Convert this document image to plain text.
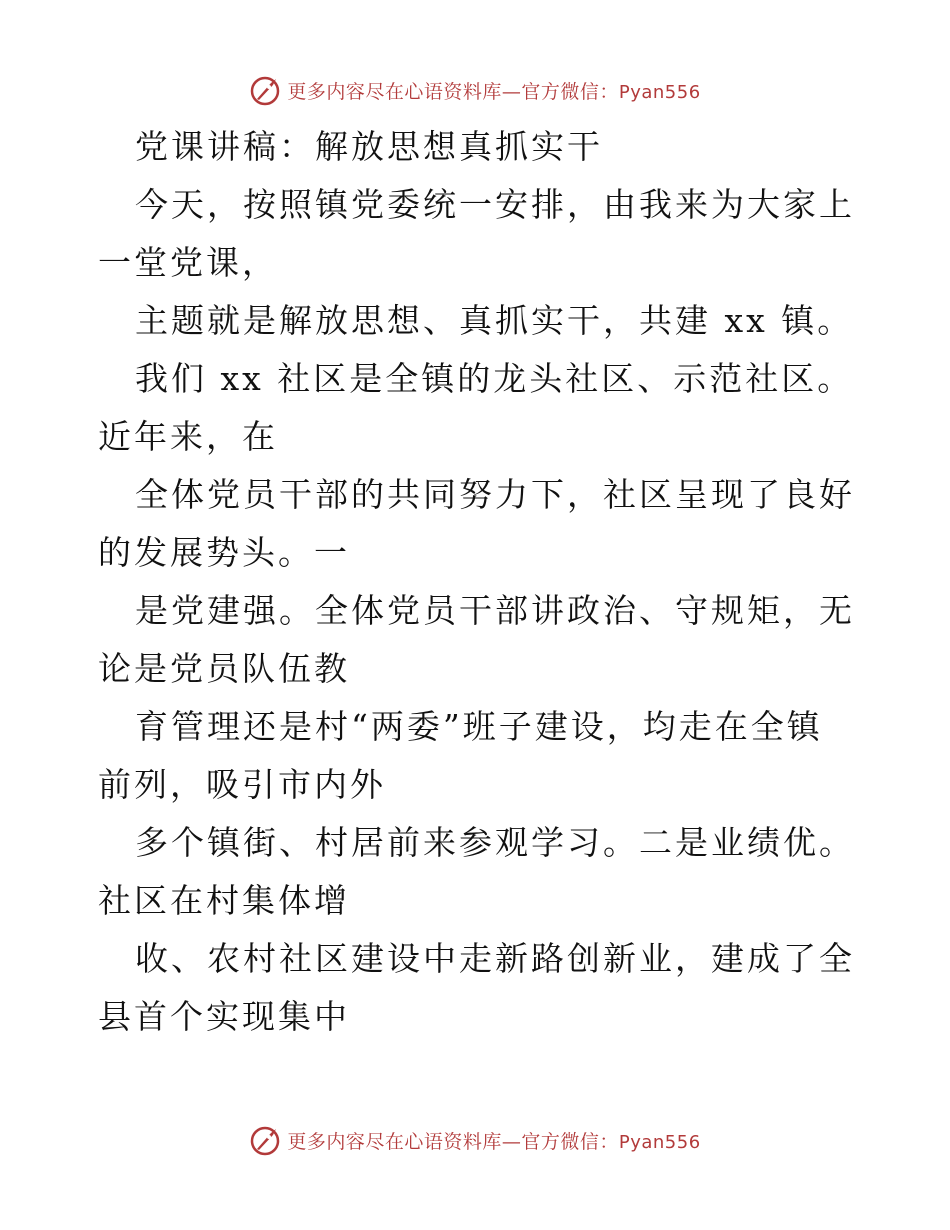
更多内容尽在心语资料库—官方微信：Pyan556

党课讲稿：解放思想真抓实干

今天，按照镇党委统一安排，由我来为大家上一堂党课，

主题就是解放思想、真抓实干，共建 xx 镇。

我们 xx 社区是全镇的龙头社区、示范社区。近年来，在

全体党员干部的共同努力下，社区呈现了良好的发展势头。一

是党建强。全体党员干部讲政治、守规矩，无论是党员队伍教

育管理还是村“两委”班子建设，均走在全镇前列，吸引市内外

多个镇街、村居前来参观学习。二是业绩优。社区在村集体增

收、农村社区建设中走新路创新业，建成了全县首个实现集中

更多内容尽在心语资料库—官方微信：Pyan556
